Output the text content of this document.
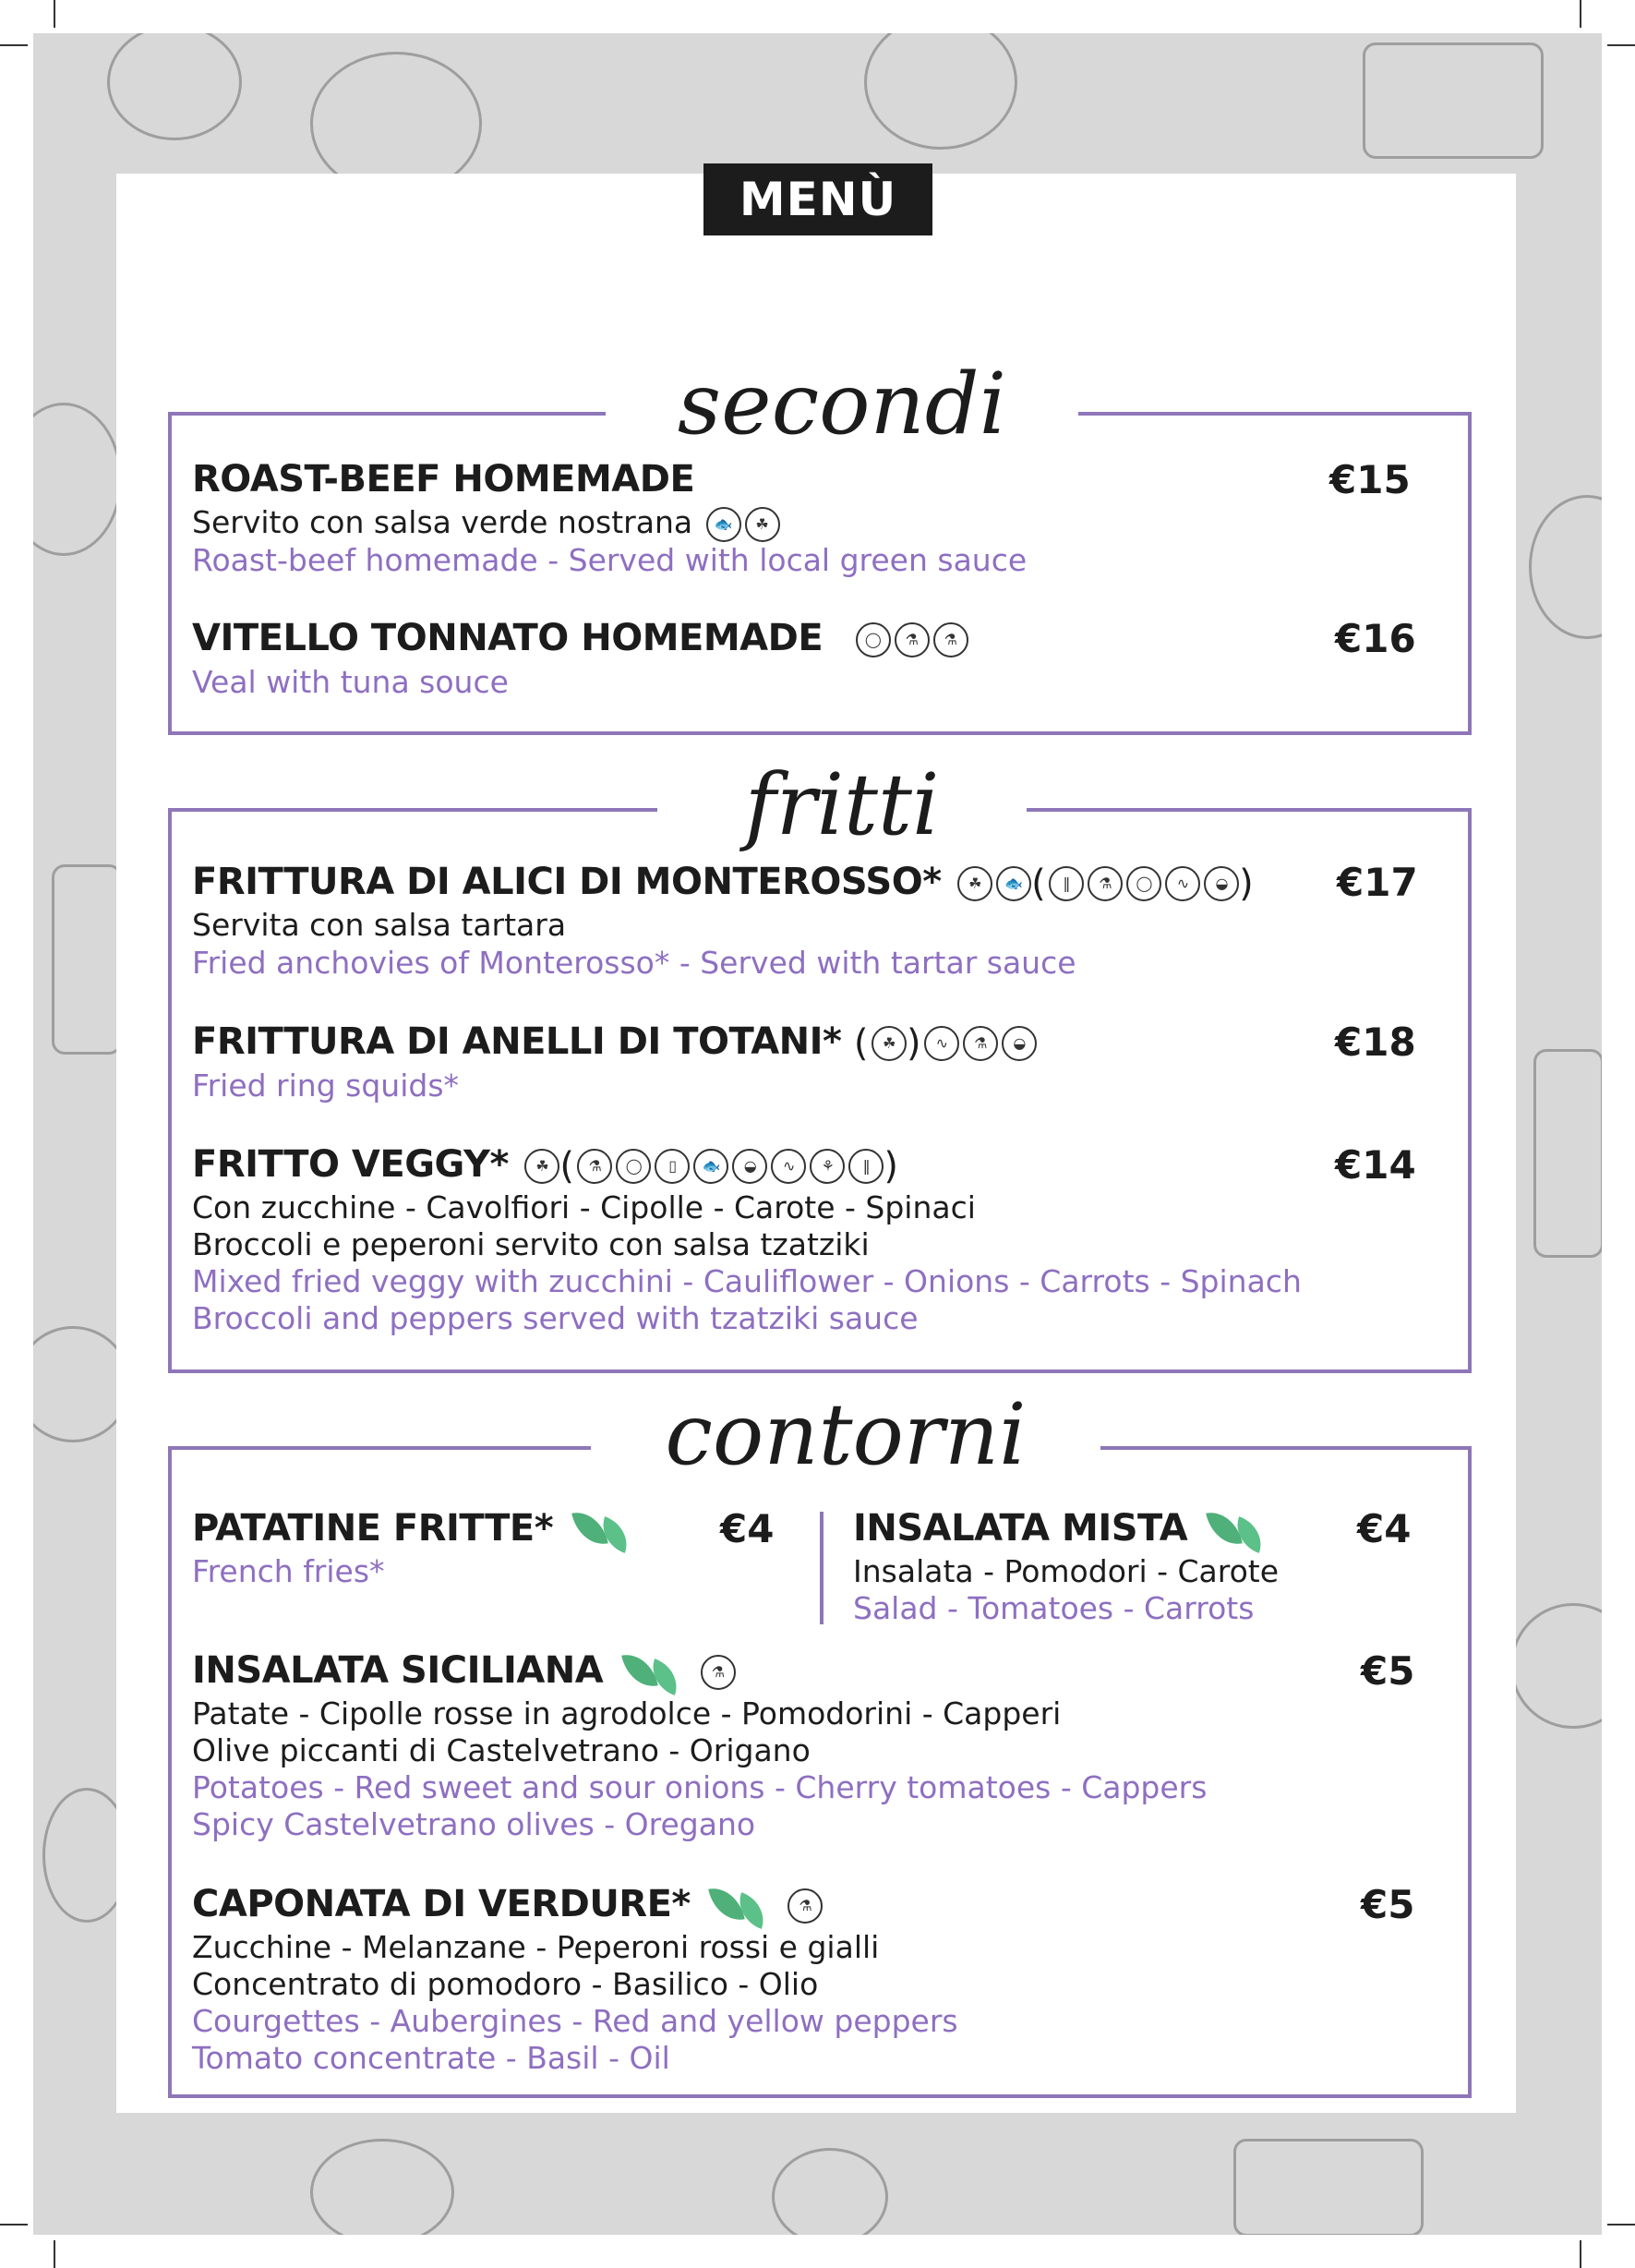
MENÙ
secondi
ROAST-BEEF HOMEMADE	€15
Servito con salsa verde nostrana 🐟 ☘
Roast-beef homemade - Served with local green sauce
VITELLO TONNATO HOMEMADE	◯ ⚗ ⚗	€16
Veal with tuna souce
fritti
FRITTURA DI ALICI DI MONTEROSSO* ☘ 🐟 ( ‖ ⚗ ◯ ∿ ◒ ) €17
Servita con salsa tartara
Fried anchovies of Monterosso* - Served with tartar sauce
FRITTURA DI ANELLI DI TOTANI* ( ☘ ) ∿ ⚗ ◒	€18
Fried ring squids*
FRITTO VEGGY* ☘ ( ⚗ ◯ ▯ 🐟 ◒ ∿ ⚘ ‖ )	€14
Con zucchine - Cavolfiori - Cipolle - Carote - Spinaci
Broccoli e peperoni servito con salsa tzatziki
Mixed fried veggy with zucchini - Cauliflower - Onions - Carrots - Spinach
Broccoli and peppers served with tzatziki sauce
contorni
PATATINE FRITTE*	€4
French fries*
INSALATA MISTA	€4
Insalata - Pomodori - Carote
Salad - Tomatoes - Carrots
INSALATA SICILIANA	⚗	€5
Patate - Cipolle rosse in agrodolce - Pomodorini - Capperi
Olive piccanti di Castelvetrano - Origano
Potatoes - Red sweet and sour onions - Cherry tomatoes - Cappers
Spicy Castelvetrano olives - Oregano
CAPONATA DI VERDURE*	⚗	€5
Zucchine - Melanzane - Peperoni rossi e gialli
Concentrato di pomodoro - Basilico - Olio
Courgettes - Aubergines - Red and yellow peppers
Tomato concentrate - Basil - Oil
